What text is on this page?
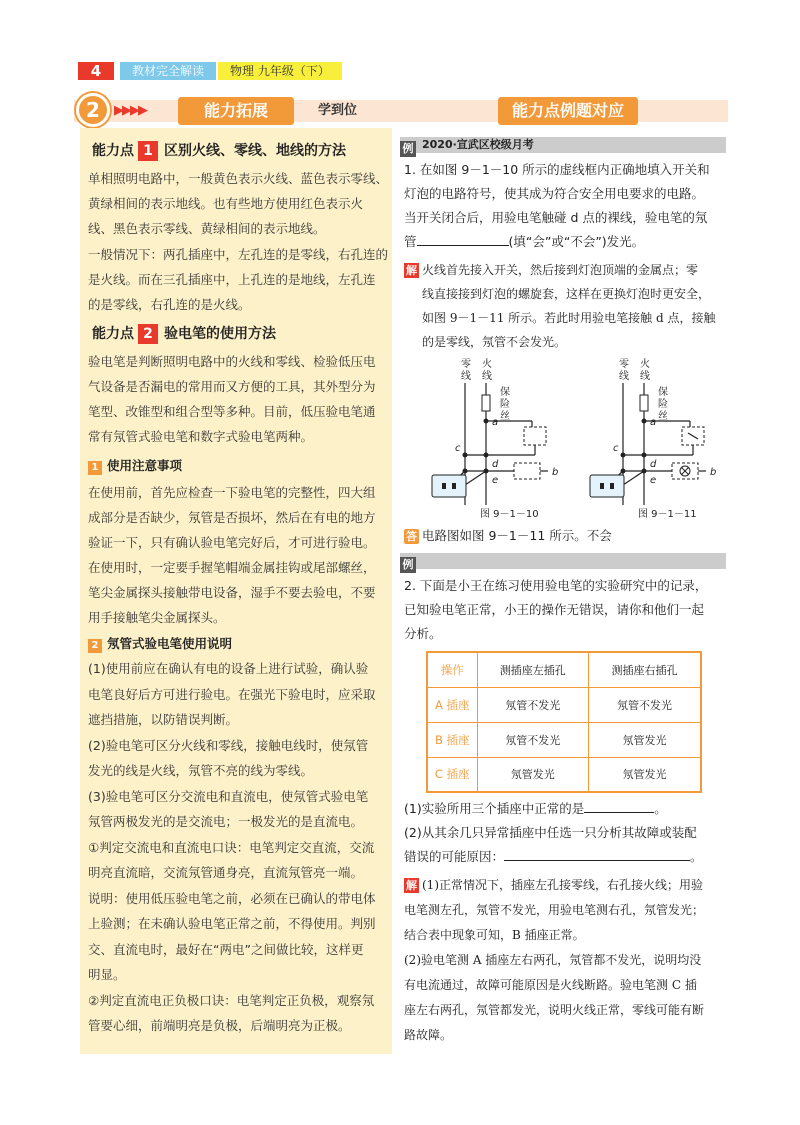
4	教材完全解读	物理 九年级（下）
2	▶▶▶▶	能力拓展	学到位	能力点例题对应
能力点 1 区别火线、零线、地线的方法
单相照明电路中，一般黄色表示火线、蓝色表示零线、
黄绿相间的表示地线。也有些地方使用红色表示火
线、黑色表示零线、黄绿相间的表示地线。
一般情况下：两孔插座中，左孔连的是零线，右孔连的
是火线。而在三孔插座中，上孔连的是地线，左孔连
的是零线，右孔连的是火线。
能力点 2 验电笔的使用方法
验电笔是判断照明电路中的火线和零线、检验低压电
气设备是否漏电的常用而又方便的工具，其外型分为
笔型、改锥型和组合型等多种。目前，低压验电笔通
常有氖管式验电笔和数字式验电笔两种。
1 使用注意事项
在使用前，首先应检查一下验电笔的完整性，四大组
成部分是否缺少，氖管是否损坏，然后在有电的地方
验证一下，只有确认验电笔完好后，才可进行验电。
在使用时，一定要手握笔帽端金属挂钩或尾部螺丝，
笔尖金属探头接触带电设备，湿手不要去验电，不要
用手接触笔尖金属探头。
2 氖管式验电笔使用说明
(1)使用前应在确认有电的设备上进行试验，确认验
电笔良好后方可进行验电。在强光下验电时，应采取
遮挡措施，以防错误判断。
(2)验电笔可区分火线和零线，接触电线时，使氖管
发光的线是火线，氖管不亮的线为零线。
(3)验电笔可区分交流电和直流电，使氖管式验电笔
氖管两极发光的是交流电；一极发光的是直流电。
①判定交流电和直流电口诀：电笔判定交直流，交流
明亮直流暗，交流氖管通身亮，直流氖管亮一端。
说明：使用低压验电笔之前，必须在已确认的带电体
上验测；在未确认验电笔正常之前，不得使用。判别
交、直流电时，最好在“两电”之间做比较，这样更
明显。
②判定直流电正负极口诀：电笔判定正负极，观察氖
管要心细，前端明亮是负极，后端明亮为正极。
例 $^{2020\cdot 宣武区校级月考}$
1. 在如图 9－1－10 所示的虚线框内正确地填入开关和
灯泡的电路符号，使其成为符合安全用电要求的电路。
当开关闭合后，用验电笔触碰 d 点的裸线，验电笔的氖
管	(填“会”或“不会”)发光。
解 火线首先接入开关，然后接到灯泡顶端的金属点；零
线直接接到灯泡的螺旋套，这样在更换灯泡时更安全，
如图 9－1－11 所示。若此时用验电笔接触 d 点，接触
的是零线，氖管不会发光。
零
线
火
线
保
险
丝
a
b
c
d
e
图 9－1－10
零
线
火
线
保
险
丝
a
b
c
d
e
图 9－1－11
答 电路图如图 9－1－11 所示。不会
例
2. 下面是小王在练习使用验电笔的实验研究中的记录，
已知验电笔正常，小王的操作无错误，请你和他们一起
分析。
操作	测插座左插孔	测插座右插孔
A 插座	氖管不发光	氖管不发光
B 插座	氖管不发光	氖管发光
C 插座	氖管发光	氖管发光
(1)实验所用三个插座中正常的是	。
(2)从其余几只异常插座中任选一只分析其故障或装配
错误的可能原因：	。
解 (1)正常情况下，插座左孔接零线，右孔接火线；用验
电笔测左孔，氖管不发光，用验电笔测右孔，氖管发光；
结合表中现象可知，B 插座正常。
(2)验电笔测 A 插座左右两孔，氖管都不发光，说明均没
有电流通过，故障可能原因是火线断路。验电笔测 C 插
座左右两孔，氖管都发光，说明火线正常，零线可能有断
路故障。
